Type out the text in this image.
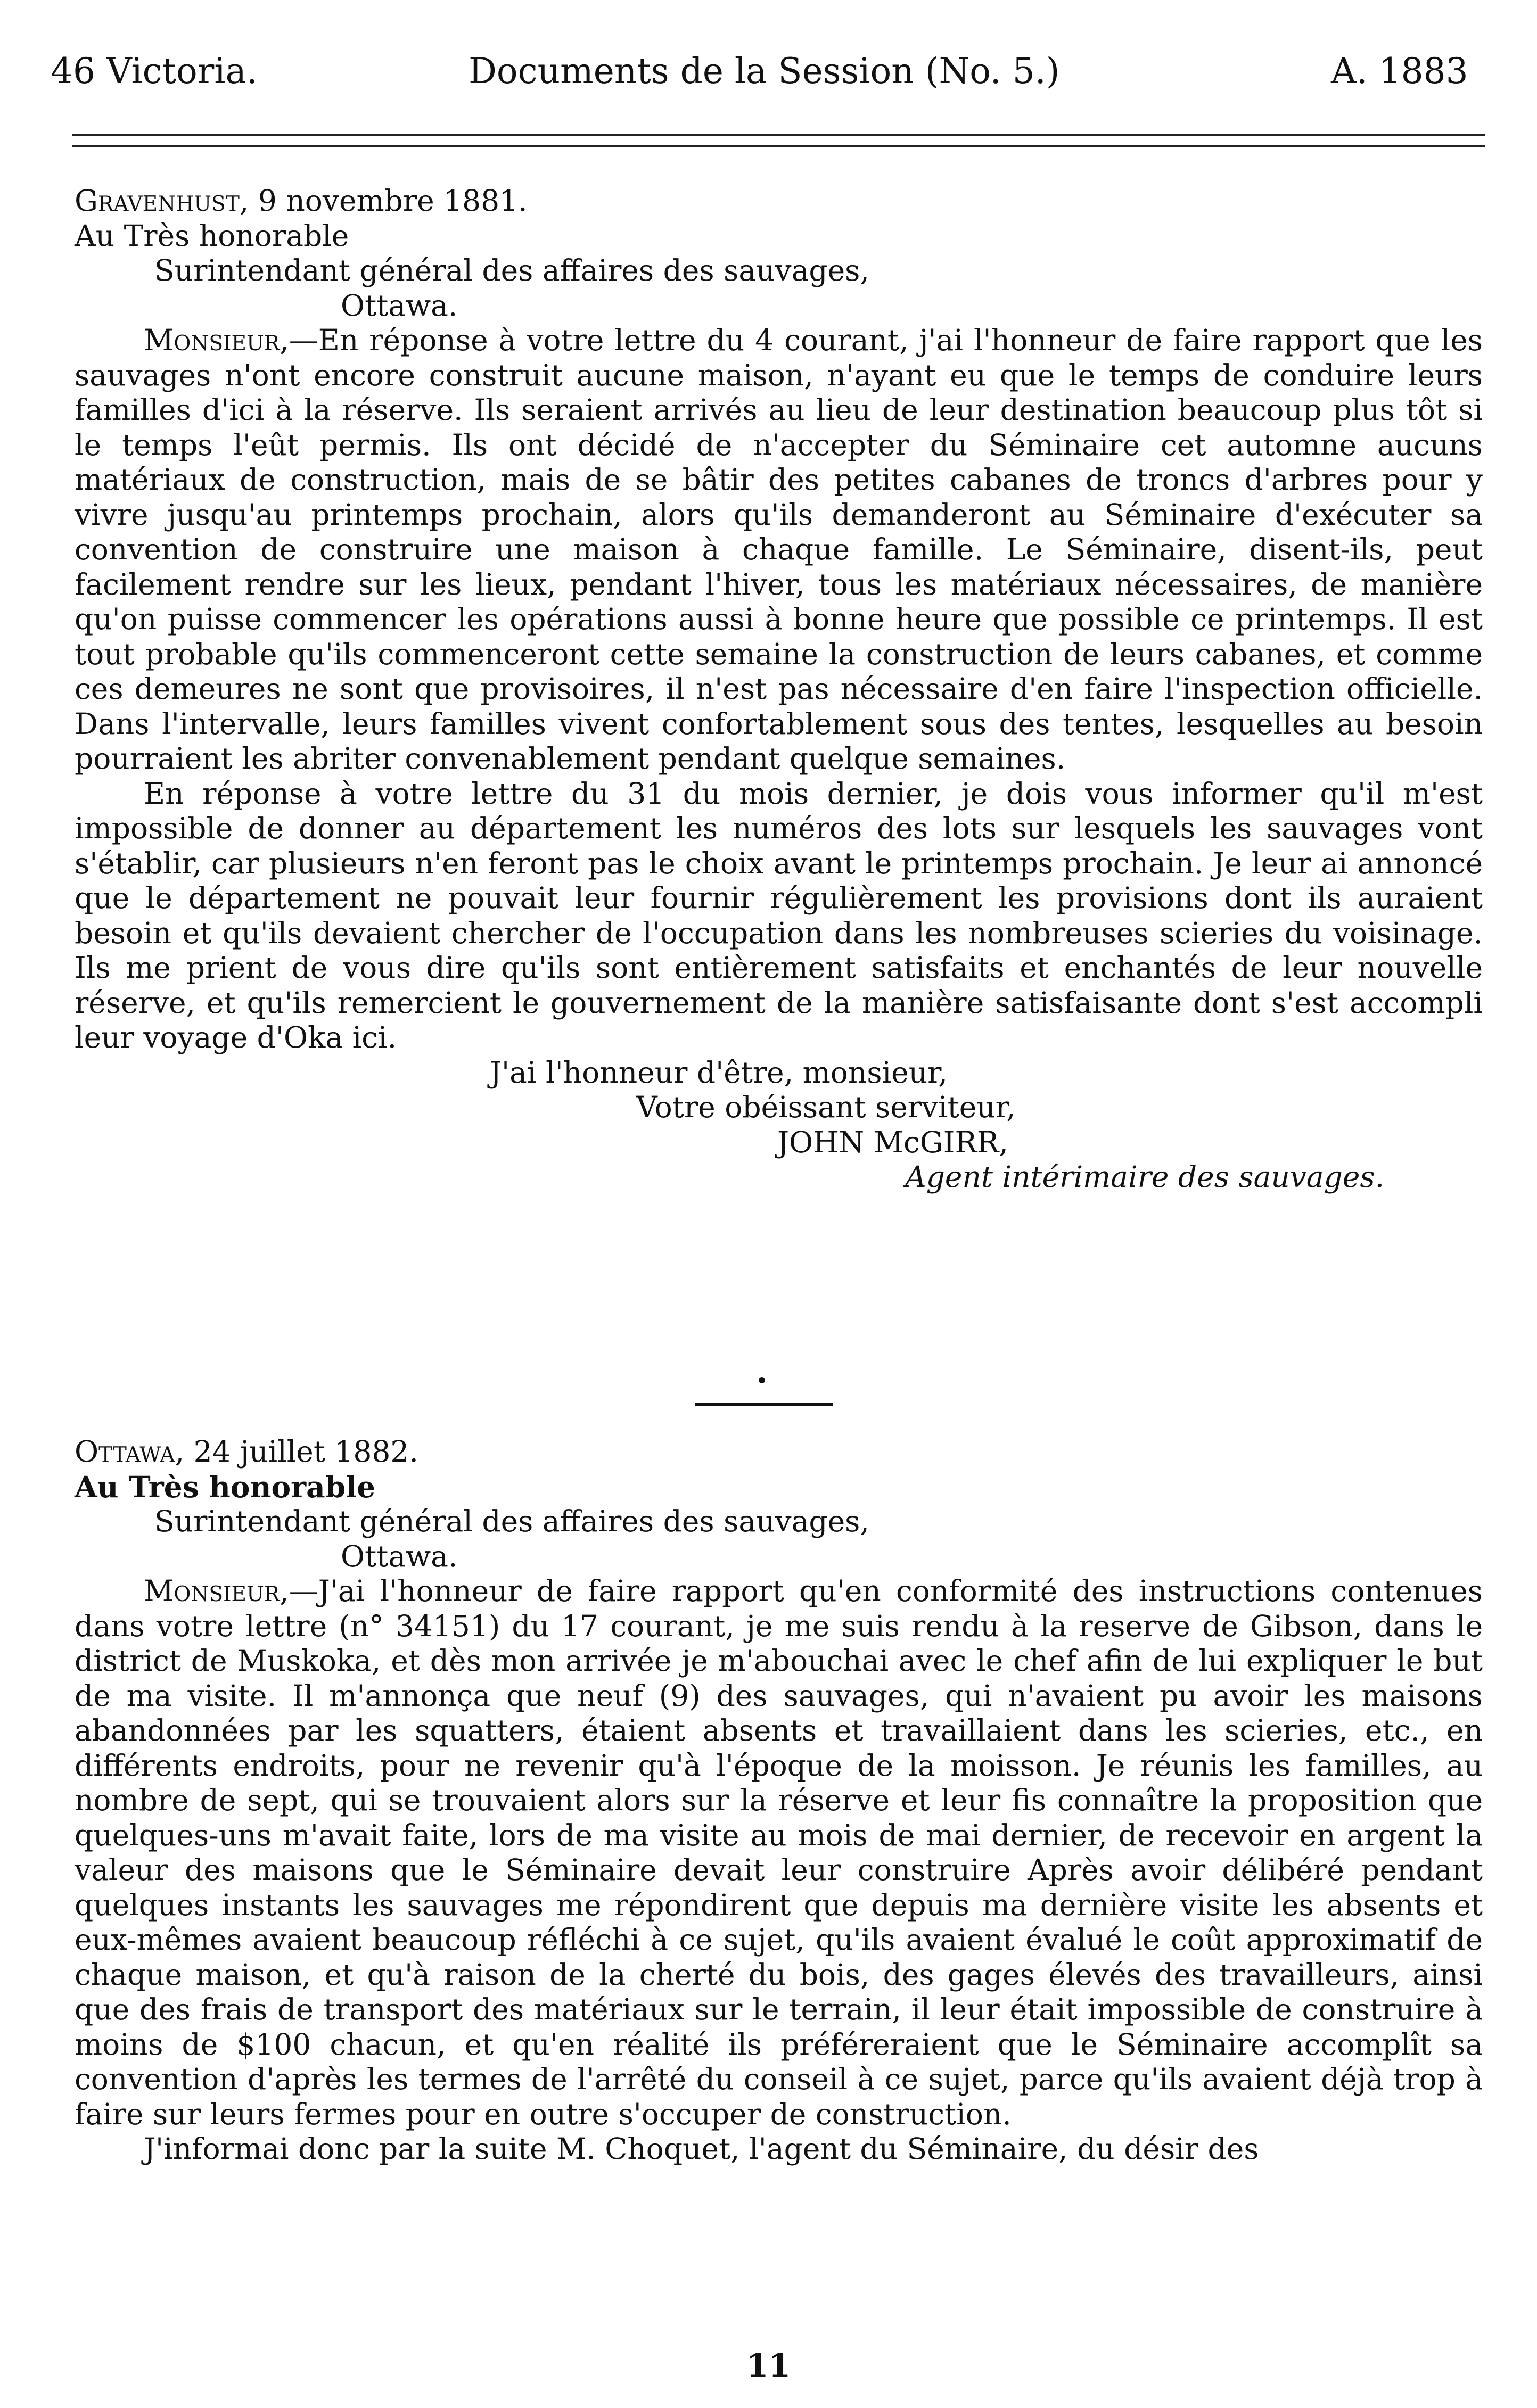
46 Victoria.	Documents de la Session (No. 5.)	A. 1883

Gravenhust, 9 novembre 1881.

Au Très honorable

Surintendant général des affaires des sauvages,

Ottawa.

Monsieur,—En réponse à votre lettre du 4 courant, j'ai l'honneur de faire rapport que les sauvages n'ont encore construit aucune maison, n'ayant eu que le temps de conduire leurs familles d'ici à la réserve. Ils seraient arrivés au lieu de leur destination beaucoup plus tôt si le temps l'eût permis. Ils ont décidé de n'accepter du Séminaire cet automne aucuns matériaux de construction, mais de se bâtir des petites cabanes de troncs d'arbres pour y vivre jusqu'au printemps prochain, alors qu'ils demanderont au Séminaire d'exécuter sa convention de construire une maison à chaque famille. Le Séminaire, disent-ils, peut facilement rendre sur les lieux, pendant l'hiver, tous les matériaux nécessaires, de manière qu'on puisse commencer les opérations aussi à bonne heure que possible ce printemps. Il est tout probable qu'ils commenceront cette semaine la construction de leurs cabanes, et comme ces demeures ne sont que provisoires, il n'est pas nécessaire d'en faire l'inspection officielle. Dans l'intervalle, leurs familles vivent confortablement sous des tentes, lesquelles au besoin pourraient les abriter convenablement pendant quelque semaines.

En réponse à votre lettre du 31 du mois dernier, je dois vous informer qu'il m'est impossible de donner au département les numéros des lots sur lesquels les sauvages vont s'établir, car plusieurs n'en feront pas le choix avant le printemps prochain. Je leur ai annoncé que le département ne pouvait leur fournir régulièrement les provisions dont ils auraient besoin et qu'ils devaient chercher de l'occupation dans les nombreuses scieries du voisinage. Ils me prient de vous dire qu'ils sont entièrement satisfaits et enchantés de leur nouvelle réserve, et qu'ils remercient le gouvernement de la manière satisfaisante dont s'est accompli leur voyage d'Oka ici.

J'ai l'honneur d'être, monsieur,

Votre obéissant serviteur,

JOHN McGIRR,

Agent intérimaire des sauvages.

Ottawa, 24 juillet 1882.

Au Très honorable

Surintendant général des affaires des sauvages,

Ottawa.

Monsieur,—J'ai l'honneur de faire rapport qu'en conformité des instructions contenues dans votre lettre (n° 34151) du 17 courant, je me suis rendu à la reserve de Gibson, dans le district de Muskoka, et dès mon arrivée je m'abouchai avec le chef afin de lui expliquer le but de ma visite. Il m'annonça que neuf (9) des sauvages, qui n'avaient pu avoir les maisons abandonnées par les squatters, étaient absents et travaillaient dans les scieries, etc., en différents endroits, pour ne revenir qu'à l'époque de la moisson. Je réunis les familles, au nombre de sept, qui se trouvaient alors sur la réserve et leur fis connaître la proposition que quelques-uns m'avait faite, lors de ma visite au mois de mai dernier, de recevoir en argent la valeur des maisons que le Séminaire devait leur construire Après avoir délibéré pendant quelques instants les sauvages me répondirent que depuis ma dernière visite les absents et eux-mêmes avaient beaucoup réfléchi à ce sujet, qu'ils avaient évalué le coût approximatif de chaque maison, et qu'à raison de la cherté du bois, des gages élevés des travailleurs, ainsi que des frais de transport des matériaux sur le terrain, il leur était impossible de construire à moins de $100 chacun, et qu'en réalité ils préféreraient que le Séminaire accomplît sa convention d'après les termes de l'arrêté du conseil à ce sujet, parce qu'ils avaient déjà trop à faire sur leurs fermes pour en outre s'occuper de construction.

J'informai donc par la suite M. Choquet, l'agent du Séminaire, du désir des

11
